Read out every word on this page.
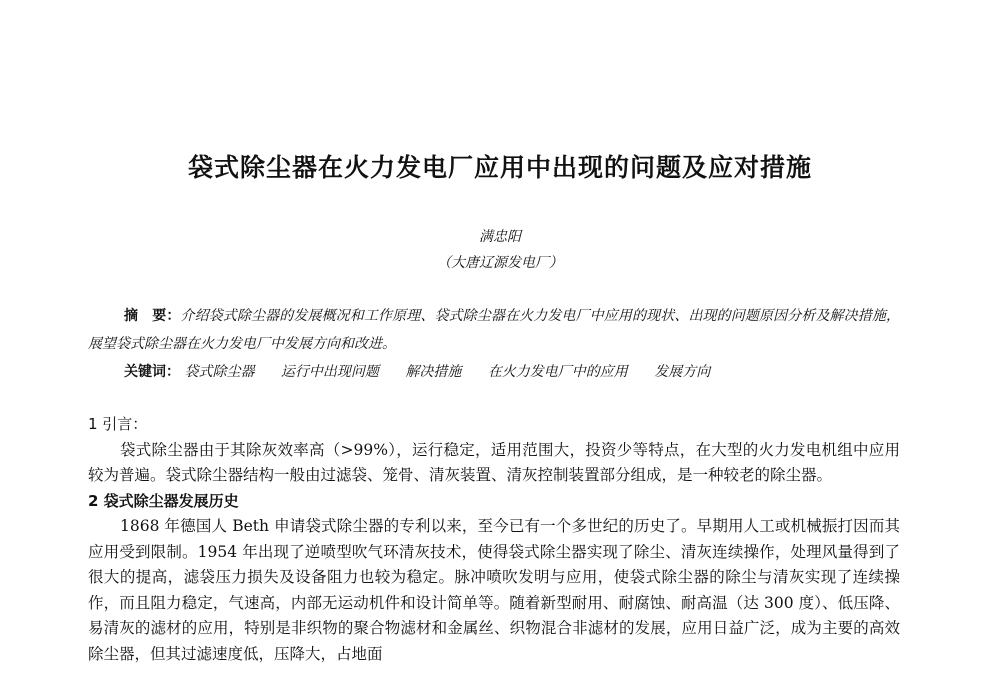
袋式除尘器在火力发电厂应用中出现的问题及应对措施
满忠阳
（大唐辽源发电厂）
摘　要：介绍袋式除尘器的发展概况和工作原理、袋式除尘器在火力发电厂中应用的现状、出现的问题原因分析及解决措施，展望袋式除尘器在火力发电厂中发展方向和改进。
关键词： 袋式除尘器 运行中出现问题 解决措施 在火力发电厂中的应用 发展方向
1 引言：
袋式除尘器由于其除灰效率高（>99%），运行稳定，适用范围大，投资少等特点，在大型的火力发电机组中应用较为普遍。袋式除尘器结构一般由过滤袋、笼骨、清灰装置、清灰控制装置部分组成，是一种较老的除尘器。
2 袋式除尘器发展历史
1868 年德国人 Beth 申请袋式除尘器的专利以来，至今已有一个多世纪的历史了。早期用人工或机械振打因而其应用受到限制。1954 年出现了逆喷型吹气环清灰技术，使得袋式除尘器实现了除尘、清灰连续操作，处理风量得到了很大的提高，滤袋压力损失及设备阻力也较为稳定。脉冲喷吹发明与应用，使袋式除尘器的除尘与清灰实现了连续操作，而且阻力稳定，气速高，内部无运动机件和设计简单等。随着新型耐用、耐腐蚀、耐高温（达 300 度）、低压降、易清灰的滤材的应用，特别是非织物的聚合物滤材和金属丝、织物混合非滤材的发展，应用日益广泛，成为主要的高效除尘器，但其过滤速度低，压降大，占地面
